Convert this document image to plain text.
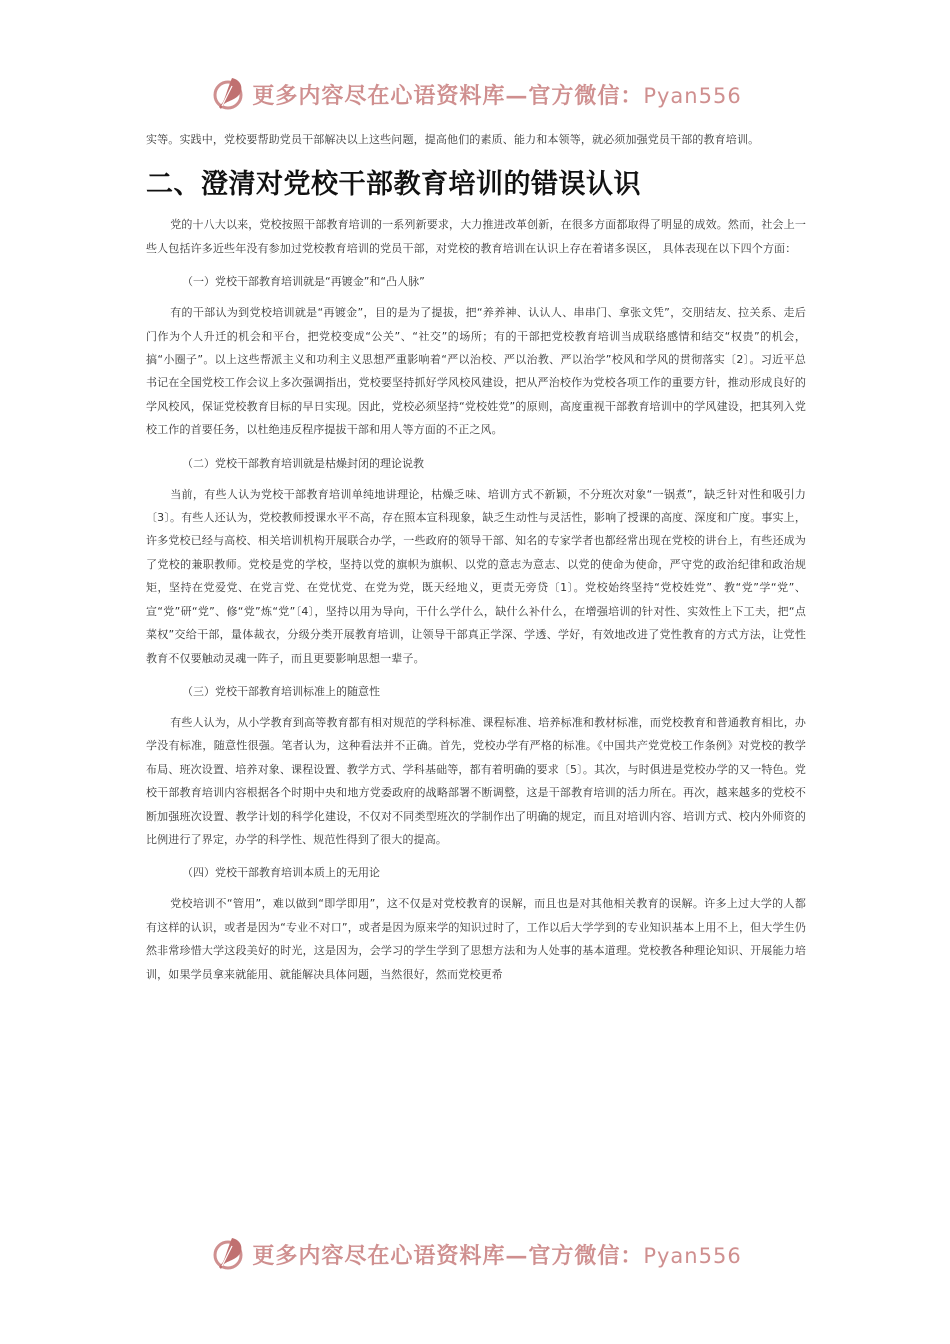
更多内容尽在心语资料库—官方微信：Pyan556

实等。实践中，党校要帮助党员干部解决以上这些问题，提高他们的素质、能力和本领等，就必须加强党员干部的教育培训。

二、澄清对党校干部教育培训的错误认识

党的十八大以来，党校按照干部教育培训的一系列新要求，大力推进改革创新，在很多方面都取得了明显的成效。然而，社会上一些人包括许多近些年没有参加过党校教育培训的党员干部，对党校的教育培训在认识上存在着诸多误区， 具体表现在以下四个方面：

（一）党校干部教育培训就是“再镀金”和“凸人脉”

有的干部认为到党校培训就是“再镀金”，目的是为了提拔，把“养养神、认认人、串串门、拿张文凭”，交朋结友、拉关系、走后门作为个人升迁的机会和平台，把党校变成“公关”、“社交”的场所；有的干部把党校教育培训当成联络感情和结交“权贵”的机会，搞“小圈子”。以上这些帮派主义和功利主义思想严重影响着“严以治校、严以治教、严以治学”校风和学风的贯彻落实〔2〕。习近平总书记在全国党校工作会议上多次强调指出，党校要坚持抓好学风校风建设，把从严治校作为党校各项工作的重要方针，推动形成良好的学风校风，保证党校教育目标的早日实现。因此，党校必须坚持“党校姓党”的原则，高度重视干部教育培训中的学风建设，把其列入党校工作的首要任务，以杜绝违反程序提拔干部和用人等方面的不正之风。

（二）党校干部教育培训就是枯燥封闭的理论说教

当前，有些人认为党校干部教育培训单纯地讲理论，枯燥乏味、培训方式不新颖，不分班次对象“一锅煮”，缺乏针对性和吸引力〔3〕。有些人还认为，党校教师授课水平不高，存在照本宣科现象，缺乏生动性与灵活性，影响了授课的高度、深度和广度。事实上，许多党校已经与高校、相关培训机构开展联合办学，一些政府的领导干部、知名的专家学者也都经常出现在党校的讲台上，有些还成为了党校的兼职教师。党校是党的学校，坚持以党的旗帜为旗帜、以党的意志为意志、以党的使命为使命，严守党的政治纪律和政治规矩，坚持在党爱党、在党言党、在党忧党、在党为党，既天经地义，更责无旁贷〔1〕。党校始终坚持“党校姓党”、教“党”学“党”、宣“党”研“党”、修“党”炼“党”〔4〕，坚持以用为导向，干什么学什么，缺什么补什么，在增强培训的针对性、实效性上下工夫，把“点菜权”交给干部，量体裁衣，分级分类开展教育培训，让领导干部真正学深、学透、学好，有效地改进了党性教育的方式方法，让党性教育不仅要触动灵魂一阵子，而且更要影响思想一辈子。

（三）党校干部教育培训标准上的随意性

有些人认为，从小学教育到高等教育都有相对规范的学科标准、课程标准、培养标准和教材标准，而党校教育和普通教育相比，办学没有标准，随意性很强。笔者认为，这种看法并不正确。首先，党校办学有严格的标准。《中国共产党党校工作条例》对党校的教学布局、班次设置、培养对象、课程设置、教学方式、学科基础等，都有着明确的要求〔5〕。其次，与时俱进是党校办学的又一特色。党校干部教育培训内容根据各个时期中央和地方党委政府的战略部署不断调整，这是干部教育培训的活力所在。再次，越来越多的党校不断加强班次设置、教学计划的科学化建设，不仅对不同类型班次的学制作出了明确的规定，而且对培训内容、培训方式、校内外师资的比例进行了界定，办学的科学性、规范性得到了很大的提高。

（四）党校干部教育培训本质上的无用论

党校培训不“管用”，难以做到“即学即用”，这不仅是对党校教育的误解，而且也是对其他相关教育的误解。许多上过大学的人都有这样的认识，或者是因为“专业不对口”，或者是因为原来学的知识过时了，工作以后大学学到的专业知识基本上用不上，但大学生仍然非常珍惜大学这段美好的时光，这是因为，会学习的学生学到了思想方法和为人处事的基本道理。党校教各种理论知识、开展能力培训，如果学员拿来就能用、就能解决具体问题，当然很好，然而党校更希

更多内容尽在心语资料库—官方微信：Pyan556
